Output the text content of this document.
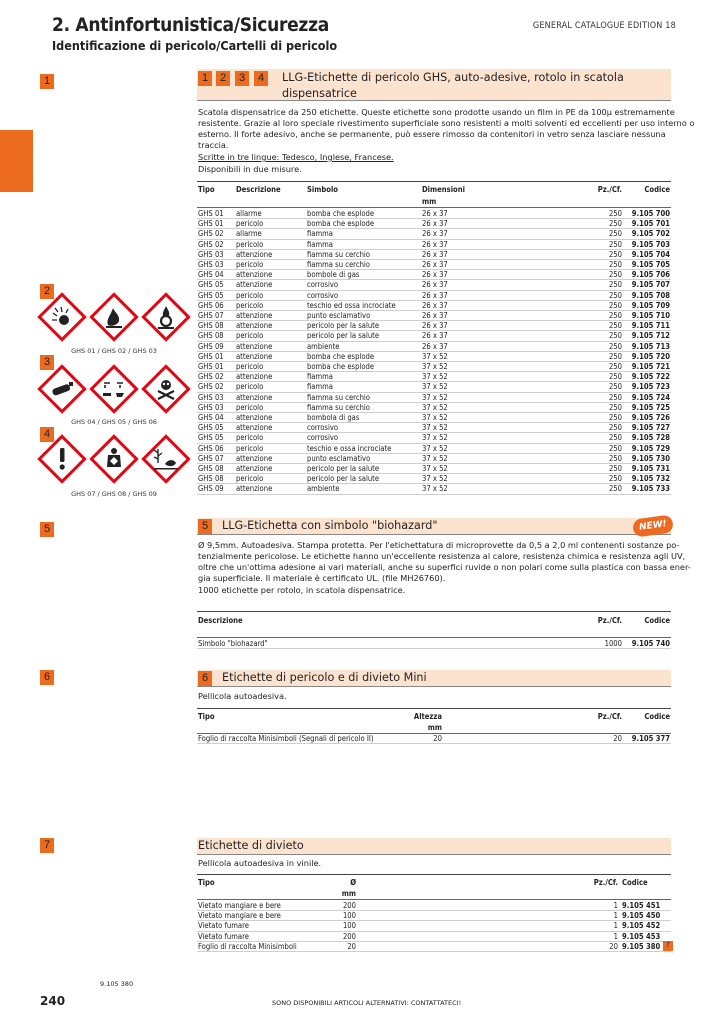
2. Antinfortunistica/Sicurezza
Identificazione di pericolo/Cartelli di pericolo
GENERAL CATALOGUE EDITION 18
1
2
3
4
5
6
7
GHS 01 / GHS 02 / GHS 03
GHS 04 / GHS 05 / GHS 06
GHS 07 / GHS 08 / GHS 09
1	2	3	4	LLG-Etichette di pericolo GHS, auto-adesive, rotolo in scatola
dispensatrice
Scatola dispensatrice da 250 etichette. Queste etichette sono prodotte usando un film in PE da 100µ estremamente
resistente. Grazie al loro speciale rivestimento superficiale sono resistenti a molti solventi ed eccellenti per uso interno o
esterno. Il forte adesivo, anche se permanente, può essere rimosso da contenitori in vetro senza lasciare nessuna
traccia.
Scritte in tre lingue: Tedesco, Inglese, Francese.
Disponibili in due misure.
Tipo	Descrizione	Simbolo	Dimensioni
mm
Pz./Cf.	Codice
GHS 01 allarme	bomba che esplode	26 x 37	250	9.105 700
GHS 01 pericolo	bomba che esplode	26 x 37	250	9.105 701
GHS 02 allarme	fiamma	26 x 37	250	9.105 702
GHS 02 pericolo	fiamma	26 x 37	250	9.105 703
GHS 03 attenzione	fiamma su cerchio	26 x 37	250	9.105 704
GHS 03 pericolo	fiamma su cerchio	26 x 37	250	9.105 705
GHS 04 attenzione	bombole di gas	26 x 37	250	9.105 706
GHS 05 attenzione	corrosivo	26 x 37	250	9.105 707
GHS 05 pericolo	corrosivo	26 x 37	250	9.105 708
GHS 06 pericolo	teschio ed ossa incrociate	26 x 37	250	9.105 709
GHS 07 attenzione	punto esclamativo	26 x 37	250	9.105 710
GHS 08 attenzione	pericolo per la salute	26 x 37	250	9.105 711
GHS 08 pericolo	pericolo per la salute	26 x 37	250	9.105 712
GHS 09 attenzione	ambiente	26 x 37	250	9.105 713
GHS 01 attenzione	bomba che esplode	37 x 52	250	9.105 720
GHS 01 pericolo	bomba che esplode	37 x 52	250	9.105 721
GHS 02 attenzione	fiamma	37 x 52	250	9.105 722
GHS 02 pericolo	fiamma	37 x 52	250	9.105 723
GHS 03 attenzione	fiamma su cerchio	37 x 52	250	9.105 724
GHS 03 pericolo	fiamma su cerchio	37 x 52	250	9.105 725
GHS 04 attenzione	bombola di gas	37 x 52	250	9.105 726
GHS 05 attenzione	corrosivo	37 x 52	250	9.105 727
GHS 05 pericolo	corrosivo	37 x 52	250	9.105 728
GHS 06 pericolo	teschio e ossa incrociate	37 x 52	250	9.105 729
GHS 07 attenzione	punto esclamativo	37 x 52	250	9.105 730
GHS 08 attenzione	pericolo per la salute	37 x 52	250	9.105 731
GHS 08 pericolo	pericolo per la salute	37 x 52	250	9.105 732
GHS 09 attenzione	ambiente	37 x 52	250	9.105 733
5	LLG-Etichetta con simbolo "biohazard"	NEW!
Ø 9,5mm. Autoadesiva. Stampa protetta. Per l'etichettatura di microprovette da 0,5 a 2,0 ml contenenti sostanze po-
tenzialmente pericolose. Le etichette hanno un'eccellente resistenza al calore, resistenza chimica e resistenza agli UV,
oltre che un'ottima adesione ai vari materiali, anche su superfici ruvide o non polari come sulla plastica con bassa ener-
gia superficiale. Il materiale è certificato UL. (file MH26760).
1000 etichette per rotolo, in scatola dispensatrice.
Descrizione	Pz./Cf.	Codice
Simbolo "biohazard"	1000	9.105 740
6	Etichette di pericolo e di divieto Mini
Pellicola autoadesiva.
Tipo	Altezza
mm
Pz./Cf.	Codice
Foglio di raccolta Minisimboli (Segnali di pericolo II)	20	20	9.105 377
Etichette di divieto
Pellicola autoadesiva in vinile.
Tipo	Ø
mm
Pz./Cf. Codice
Vietato mangiare e bere	200	1 9.105 451
Vietato mangiare e bere	100	1 9.105 450
Vietato fumare	100	1 9.105 452
Vietato fumare	200	1 9.105 453
Foglio di raccolta Minisimboli	20	20 9.105 380 7
9.105 380
240	SONO DISPONIBILI ARTICOLI ALTERNATIVI: CONTATTATECI!
